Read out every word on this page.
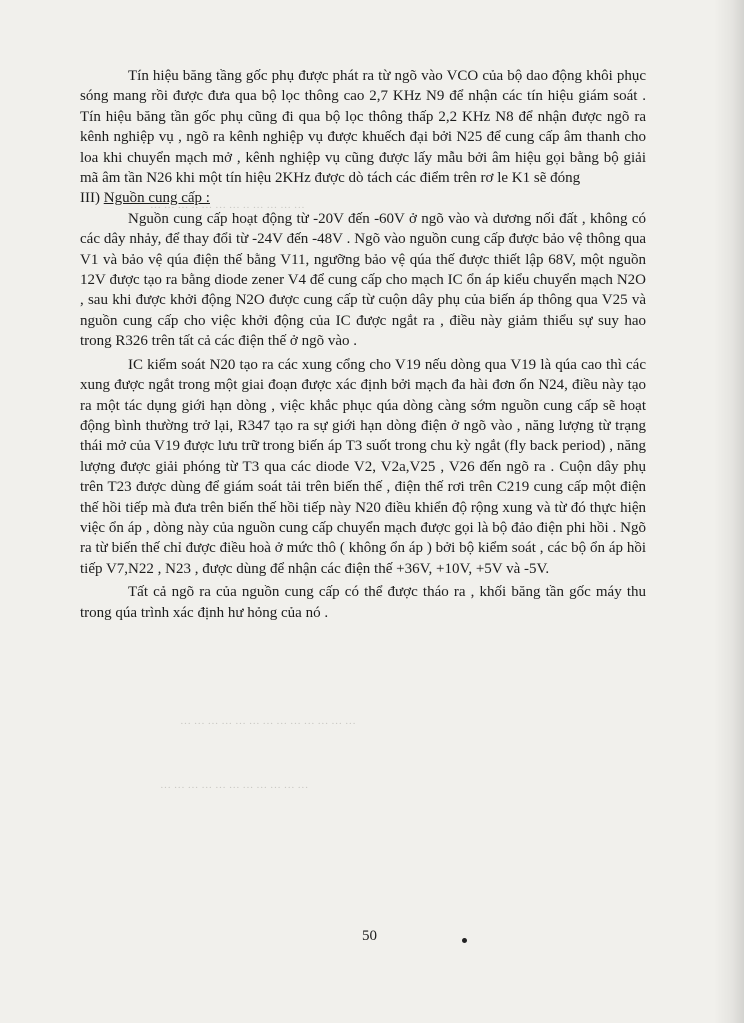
··· ··· ··· ·· ··· ··· ··· ·· ··· ··· ··· ···
··· ··· ··· ··· ··· ··· ··· ··· ··· ··· ··· ··· ···
··· ··· ··· ··· ··· ··· ··· ··· ··· ··· ···

Tín hiệu băng tầng gốc phụ được phát ra từ ngõ vào VCO của bộ dao động khôi phục sóng mang rồi được đưa qua bộ lọc thông cao 2,7 KHz N9 để nhận các tín hiệu giám soát . Tín hiệu băng tần gốc phụ cũng đi qua bộ lọc thông thấp 2,2 KHz N8 để nhận được ngõ ra kênh nghiệp vụ , ngõ ra kênh nghiệp vụ được khuếch đại bởi N25 để cung cấp âm thanh cho loa khi chuyển mạch mở , kênh nghiệp vụ cũng được lấy mẫu bởi âm hiệu gọi bằng bộ giải mã âm tần N26 khi một tín hiệu 2KHz được dò tách các điểm trên rơ le K1 sẽ đóng

III) Nguồn cung cấp :

Nguồn cung cấp hoạt động từ -20V đến -60V ở ngõ vào và dương nối đất , không có các dây nhảy, để thay đổi từ -24V đến -48V . Ngõ vào nguồn cung cấp được bảo vệ thông qua V1 và bảo vệ qúa điện thế bằng V11, ngưỡng bảo vệ qúa thế được thiết lập 68V, một nguồn 12V được tạo ra bằng diode zener V4 để cung cấp cho mạch IC ổn áp kiểu chuyển mạch N2O , sau khi được khởi động N2O được cung cấp từ cuộn dây phụ của biến áp thông qua V25 và nguồn cung cấp cho việc khởi động của IC được ngắt ra , điều này giảm thiểu sự suy hao trong R326 trên tất cả các điện thế ở ngõ vào .

IC kiểm soát N20 tạo ra các xung cổng cho V19 nếu dòng qua V19 là qúa cao thì các xung được ngắt trong một giai đoạn được xác định bởi mạch đa hài đơn ổn N24, điều này tạo ra một tác dụng giới hạn dòng , việc khắc phục qúa dòng càng sớm nguồn cung cấp sẽ hoạt động bình thường trở lại, R347 tạo ra sự giới hạn dòng điện ở ngõ vào , năng lượng từ trạng thái mở của V19 được lưu trữ trong biến áp T3 suốt trong chu kỳ ngắt (fly back period) , năng lượng được giải phóng từ T3 qua các diode V2, V2a,V25 , V26 đến ngõ ra . Cuộn dây phụ trên T23 được dùng để giám soát tải trên biến thế , điện thế rơi trên C219 cung cấp một điện thế hồi tiếp mà đưa trên biến thế hồi tiếp này N20 điều khiển độ rộng xung và từ đó thực hiện việc ổn áp , dòng này của nguồn cung cấp chuyển mạch được gọi là bộ đảo điện phi hồi . Ngõ ra từ biến thế chỉ được điều hoà ở mức thô ( không ổn áp ) bởi bộ kiểm soát , các bộ ổn áp hồi tiếp V7,N22 , N23 , được dùng để nhận các điện thế +36V, +10V, +5V và -5V.

Tất cả ngõ ra của nguồn cung cấp có thể được tháo ra , khối băng tần gốc máy thu trong qúa trình xác định hư hỏng của nó .

50
